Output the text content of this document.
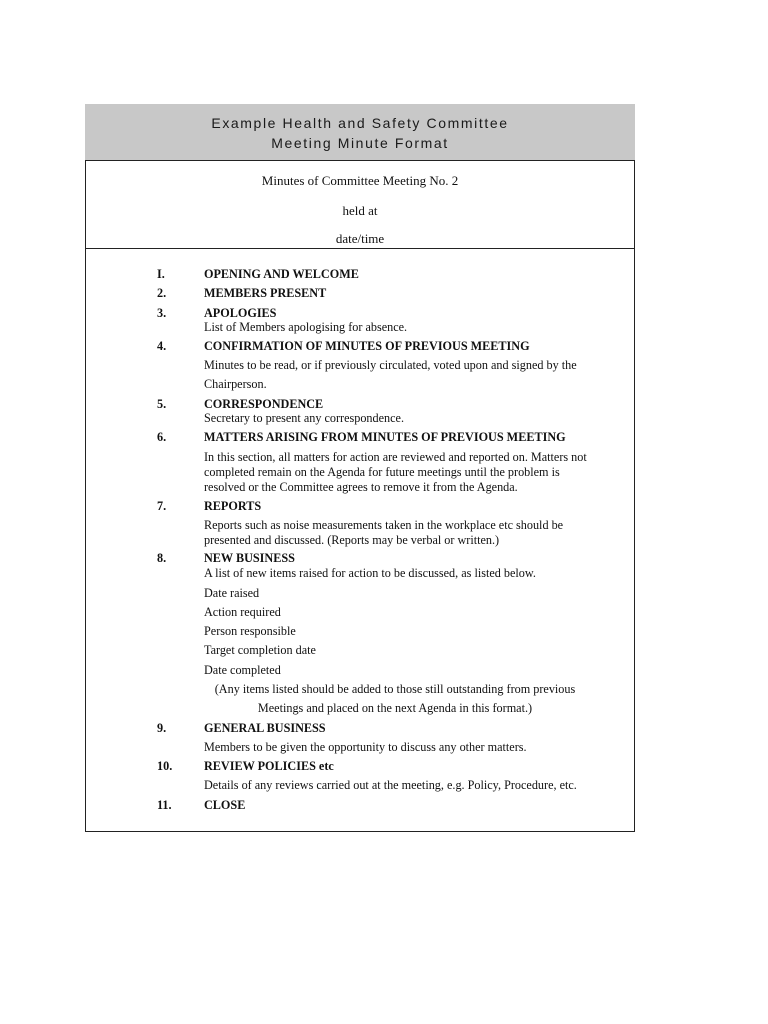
Example Health and Safety Committee
Meeting Minute Format
Minutes of Committee Meeting No. 2
held at
date/time
I.	OPENING AND WELCOME
2.	MEMBERS PRESENT
3.	APOLOGIES
List of Members apologising for absence.
4.	CONFIRMATION OF MINUTES OF PREVIOUS MEETING
Minutes to be read, or if previously circulated, voted upon and signed by the
Chairperson.
5.	CORRESPONDENCE
Secretary to present any correspondence.
6.	MATTERS ARISING FROM MINUTES OF PREVIOUS MEETING
In this section, all matters for action are reviewed and reported on. Matters not
completed remain on the Agenda for future meetings until the problem is
resolved or the Committee agrees to remove it from the Agenda.
7.	REPORTS
Reports such as noise measurements taken in the workplace etc should be
presented and discussed. (Reports may be verbal or written.)
8.	NEW BUSINESS
A list of new items raised for action to be discussed, as listed below.
Date raised
Action required
Person responsible
Target completion date
Date completed
(Any items listed should be added to those still outstanding from previous
Meetings and placed on the next Agenda in this format.)
9.	GENERAL BUSINESS
Members to be given the opportunity to discuss any other matters.
10.	REVIEW POLICIES etc
Details of any reviews carried out at the meeting, e.g. Policy, Procedure, etc.
11.	CLOSE
